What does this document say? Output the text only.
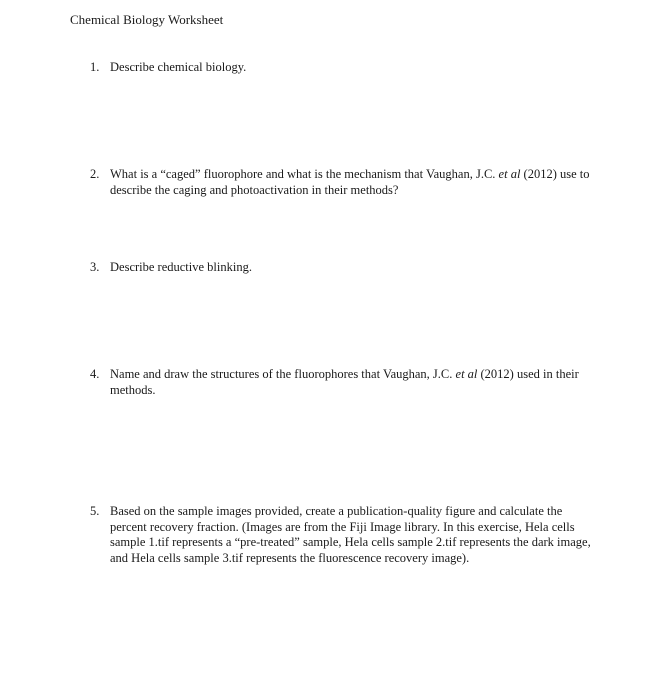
Chemical Biology Worksheet
1. Describe chemical biology.
2. What is a “caged” fluorophore and what is the mechanism that Vaughan, J.C. et al (2012) use to describe the caging and photoactivation in their methods?
3. Describe reductive blinking.
4. Name and draw the structures of the fluorophores that Vaughan, J.C. et al (2012) used in their methods.
5. Based on the sample images provided, create a publication-quality figure and calculate the percent recovery fraction. (Images are from the Fiji Image library. In this exercise, Hela cells sample 1.tif represents a “pre-treated” sample, Hela cells sample 2.tif represents the dark image, and Hela cells sample 3.tif represents the fluorescence recovery image).
